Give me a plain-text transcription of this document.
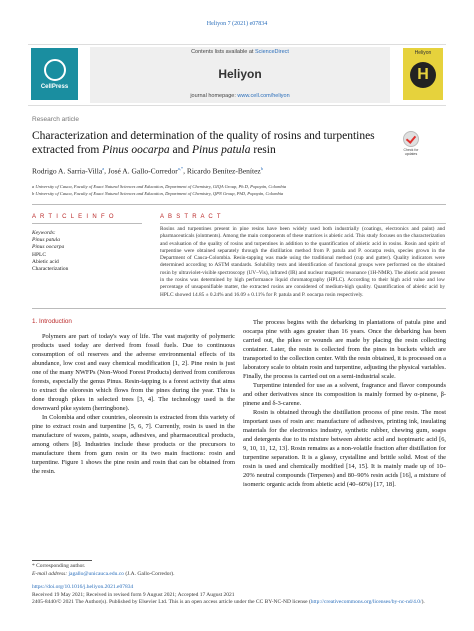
Heliyon 7 (2021) e07834
CellPress
Contents lists available at ScienceDirect
Heliyon
journal homepage: www.cell.com/heliyon
Heliyon
H
Research article
Characterization and determination of the quality of rosins and turpentines
extracted from Pinus oocarpa and Pinus patula resin	Check for
updates
Rodrigo A. Sarria-Villa$^a$, José A. Gallo-Corredor$^{a,*}$, Ricardo Benítez-Benítez$^b$
a University of Cauca, Faculty of Exact Natural Sciences and Education, Department of Chemistry, GIQA Group, Ph.D, Popayán, Colombia
b University of Cauca, Faculty of Exact Natural Sciences and Education, Department of Chemistry, QPN Group, PhD, Popayán, Colombia
A R T I C L E I N F O	A B S T R A C T
Keywords:
Pinus patula
Pinus oocarpa
HPLC
Abietic acid
Characterization
Rosins and turpentines present in pine resins have been widely used both industrially (coatings, electronics and paint) and pharmaceuticals (ointments). Among the main components of these matrices is abietic acid. This study focuses on the characterization and evaluation of the quality of rosins and turpentines in addition to the quantification of abietic acid in rosins. Rosin and spirit of turpentine were obtained separately through the distillation method from P. patula and P. oocarpa resin, species grown in the Department of Cauca-Colombia. Resin-tapping was made using the traditional method (cup and gutter). Quality indicators were determined according to ASTM standards. Solubility tests and identification of functional groups were performed on the obtained rosin by ultraviolet-visible spectroscopy (UV–Vis), infrared (IR) and nuclear magnetic resonance (1H-NMR). The abietic acid present in the rosins was determined by high performance liquid chromatography (HPLC). According to their high acid value and low percentage of unsaponifiable matter, the extracted rosins are considered of medium-high quality. Quantification of abietic acid by HPLC showed 14.85 ± 0.24% and 16.09 ± 0.11% for P. patula and P. oocarpa rosin respectively.
1. Introduction

Polymers are part of today's way of life. The vast majority of polymeric products used today are derived from fossil fuels. Due to continuous consumption of oil reserves and the adverse environmental effects of its abundance, low cost and easy chemical modification [1, 2]. Pine resin is just one of the many NWFPs (Non-Wood Forest Products) derived from coniferous forests, especially the genus Pinus. Resin-tapping is a forest activity that aims to extract the oleoresin which flows from the pines during the year. This is done through pikes in selected trees [3, 4]. The technology used is the downward pike system (herringbone).

In Colombia and other countries, oleoresin is extracted from this variety of pine to extract rosin and turpentine [5, 6, 7]. Currently, rosin is used in the manufacture of waxes, paints, soaps, adhesives, and pharmaceutical products, among others [8]. Industries include these products or the precursors to manufacture them from gum resin or its two main fractions: rosin and turpentine. Figure 1 shows the pine resin and rosin that can be obtained from the resin.

The process begins with the debarking in plantations of patula pine and oocarpa pine with ages greater than 16 years. Once the debarking has been carried out, the pikes or wounds are made by placing the resin collecting container. Later, the resin is collected from the pines in buckets which are transported to the collection center. With the resin obtained, it is processed on a laboratory scale to obtain rosin and turpentine, adjusting the physical variables. Finally, the process is carried out on a semi-industrial scale.

Turpentine intended for use as a solvent, fragrance and flavor compounds and other derivatives since its composition is mainly formed by α-pinene, β-pinene and δ-3-carene.

Rosin is obtained through the distillation process of pine resin. The most important uses of rosin are: manufacture of adhesives, printing ink, insulating materials for the electronics industry, synthetic rubber, chewing gum, soaps and detergents due to its mixture between abietic acid and isopimaric acid [6, 9, 10, 11, 12, 13]. Rosin remains as a non-volatile fraction after distillation for turpentine separation. It is a glassy, crystalline and brittle solid. Most of the rosin is used and chemically modified [14, 15]. It is mainly made up of 10–20% neutral compounds (Terpenes) and 80–90% resin acids [16], a mixture of isomeric organic acids from abietic acid (40–60%) [17, 18].

* Corresponding author.
E-mail address: jagallo@unicauca.edu.co (J.A. Gallo-Corredor).
https://doi.org/10.1016/j.heliyon.2021.e07834
Received 19 May 2021; Received in revised form 9 August 2021; Accepted 17 August 2021
2405-8440/© 2021 The Author(s). Published by Elsevier Ltd. This is an open access article under the CC BY-NC-ND license (http://creativecommons.org/licenses/by-nc-nd/4.0/).
